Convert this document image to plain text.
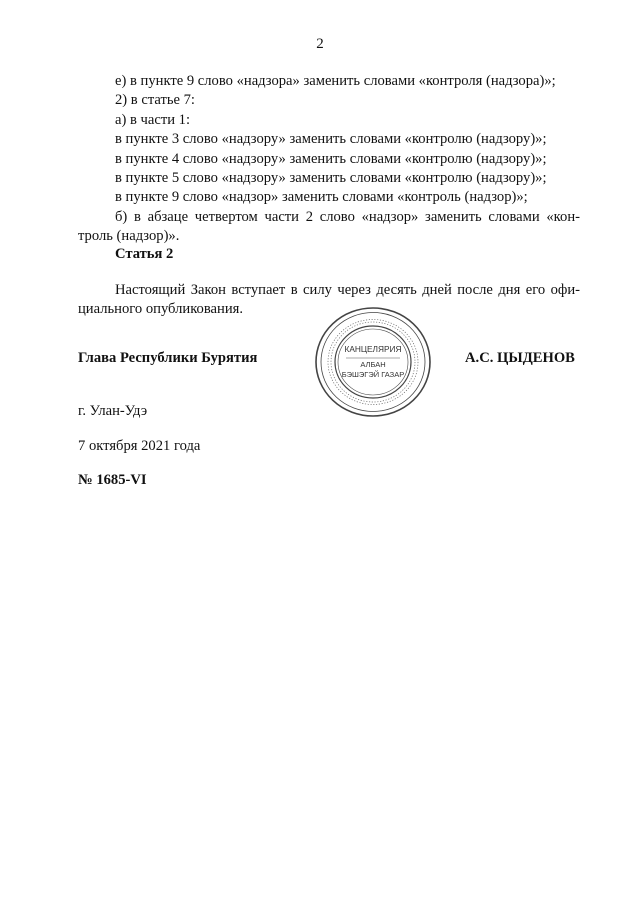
2
е) в пункте 9 слово «надзора» заменить словами «контроля (надзора)»;
2) в статье 7:
а) в части 1:
в пункте 3 слово «надзору» заменить словами «контролю (надзору)»;
в пункте 4 слово «надзору» заменить словами «контролю (надзору)»;
в пункте 5 слово «надзору» заменить словами «контролю (надзору)»;
в пункте 9 слово «надзор» заменить словами «контроль (надзор)»;
б) в абзаце четвертом части 2 слово «надзор» заменить словами «кон-
троль (надзор)».
Статья 2
Настоящий Закон вступает в силу через десять дней после дня его офи-
циального опубликования.
Глава Республики Бурятия	А.С. ЦЫДЕНОВ
КАНЦЕЛЯРИЯ
АЛБАН
БЭШЭГЭЙ ГАЗАР
г. Улан-Удэ
7 октября 2021 года
№ 1685-VI
